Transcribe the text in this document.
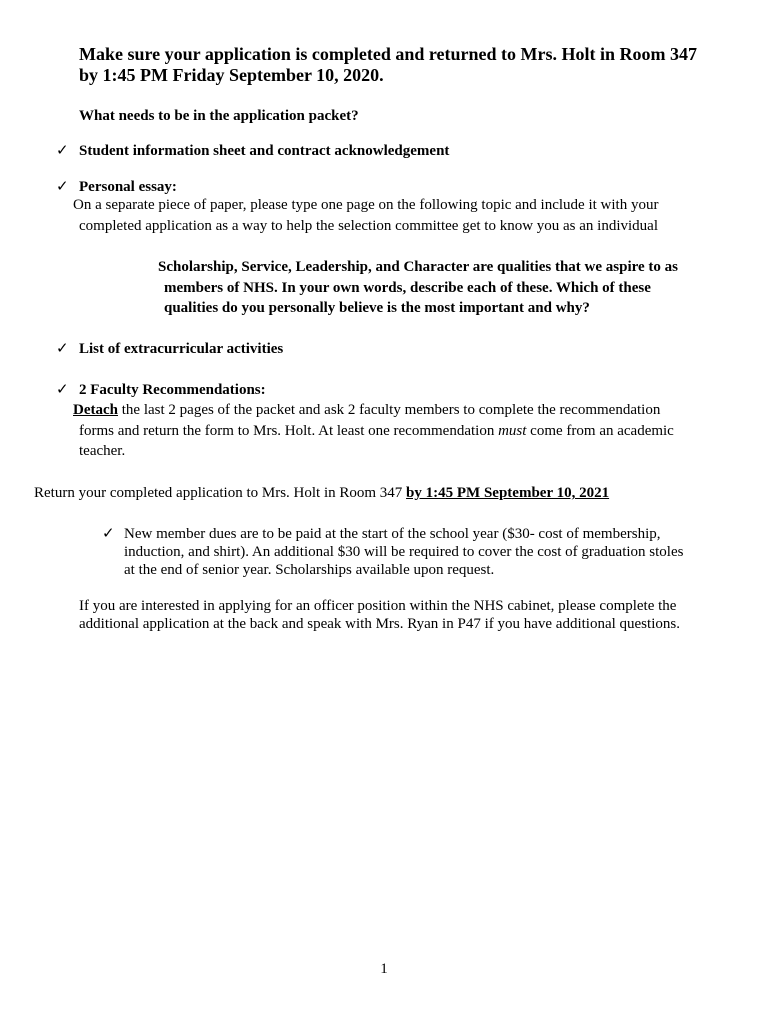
Make sure your application is completed and returned to Mrs. Holt in Room 347
by 1:45 PM Friday September 10, 2020.
What needs to be in the application packet?
✓ Student information sheet and contract acknowledgement
✓ Personal essay:
On a separate piece of paper, please type one page on the following topic and include it with your
completed application as a way to help the selection committee get to know you as an individual
Scholarship, Service, Leadership, and Character are qualities that we aspire to as
members of NHS. In your own words, describe each of these. Which of these
qualities do you personally believe is the most important and why?
✓ List of extracurricular activities
✓ 2 Faculty Recommendations:
Detach the last 2 pages of the packet and ask 2 faculty members to complete the recommendation
forms and return the form to Mrs. Holt. At least one recommendation must come from an academic
teacher.
Return your completed application to Mrs. Holt in Room 347 by 1:45 PM September 10, 2021
✓ New member dues are to be paid at the start of the school year ($30- cost of membership,
induction, and shirt). An additional $30 will be required to cover the cost of graduation stoles
at the end of senior year. Scholarships available upon request.
If you are interested in applying for an officer position within the NHS cabinet, please complete the
additional application at the back and speak with Mrs. Ryan in P47 if you have additional questions.
1
